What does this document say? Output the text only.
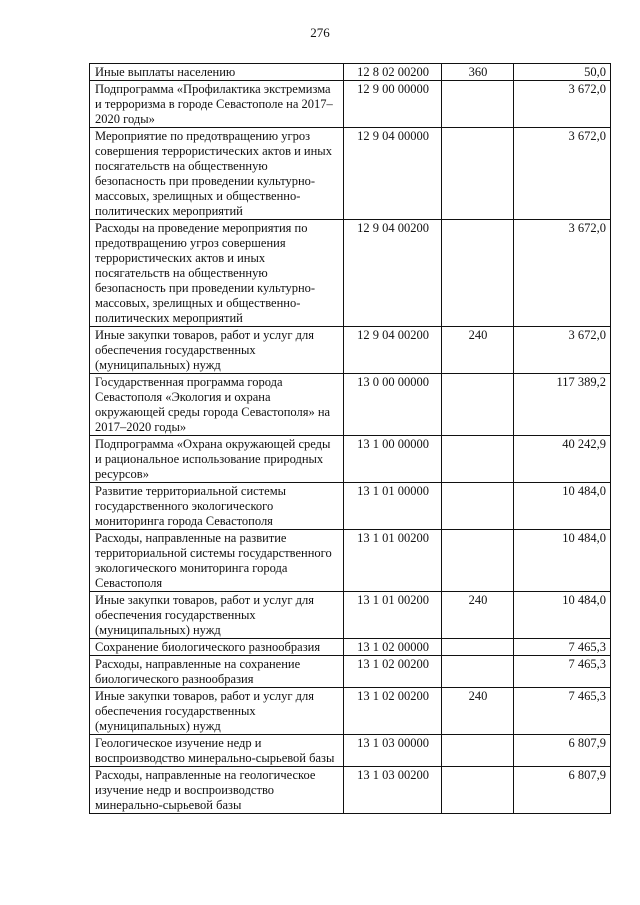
276
Иные выплаты населению	12 8 02 00200	360	50,0
Подпрограмма «Профилактика экстремизма и терроризма в городе Севастополе на 2017–2020 годы»	12 9 00 00000		3 672,0
Мероприятие по предотвращению угроз совершения террористических актов и иных посягательств на общественную безопасность при проведении культурно-массовых, зрелищных и общественно-политических мероприятий	12 9 04 00000		3 672,0
Расходы на проведение мероприятия по предотвращению угроз совершения террористических актов и иных посягательств на общественную безопасность при проведении культурно-массовых, зрелищных и общественно-политических мероприятий	12 9 04 00200		3 672,0
Иные закупки товаров, работ и услуг для обеспечения государственных (муниципальных) нужд	12 9 04 00200	240	3 672,0
Государственная программа города Севастополя «Экология и охрана окружающей среды города Севастополя» на 2017–2020 годы»	13 0 00 00000		117 389,2
Подпрограмма «Охрана окружающей среды и рациональное использование природных ресурсов»	13 1 00 00000		40 242,9
Развитие территориальной системы государственного экологического мониторинга города Севастополя	13 1 01 00000		10 484,0
Расходы, направленные на развитие территориальной системы государственного экологического мониторинга города Севастополя	13 1 01 00200		10 484,0
Иные закупки товаров, работ и услуг для обеспечения государственных (муниципальных) нужд	13 1 01 00200	240	10 484,0
Сохранение биологического разнообразия	13 1 02 00000		7 465,3
Расходы, направленные на сохранение биологического разнообразия	13 1 02 00200		7 465,3
Иные закупки товаров, работ и услуг для обеспечения государственных (муниципальных) нужд	13 1 02 00200	240	7 465,3
Геологическое изучение недр и воспроизводство минерально-сырьевой базы	13 1 03 00000		6 807,9
Расходы, направленные на геологическое изучение недр и воспроизводство минерально-сырьевой базы	13 1 03 00200		6 807,9
